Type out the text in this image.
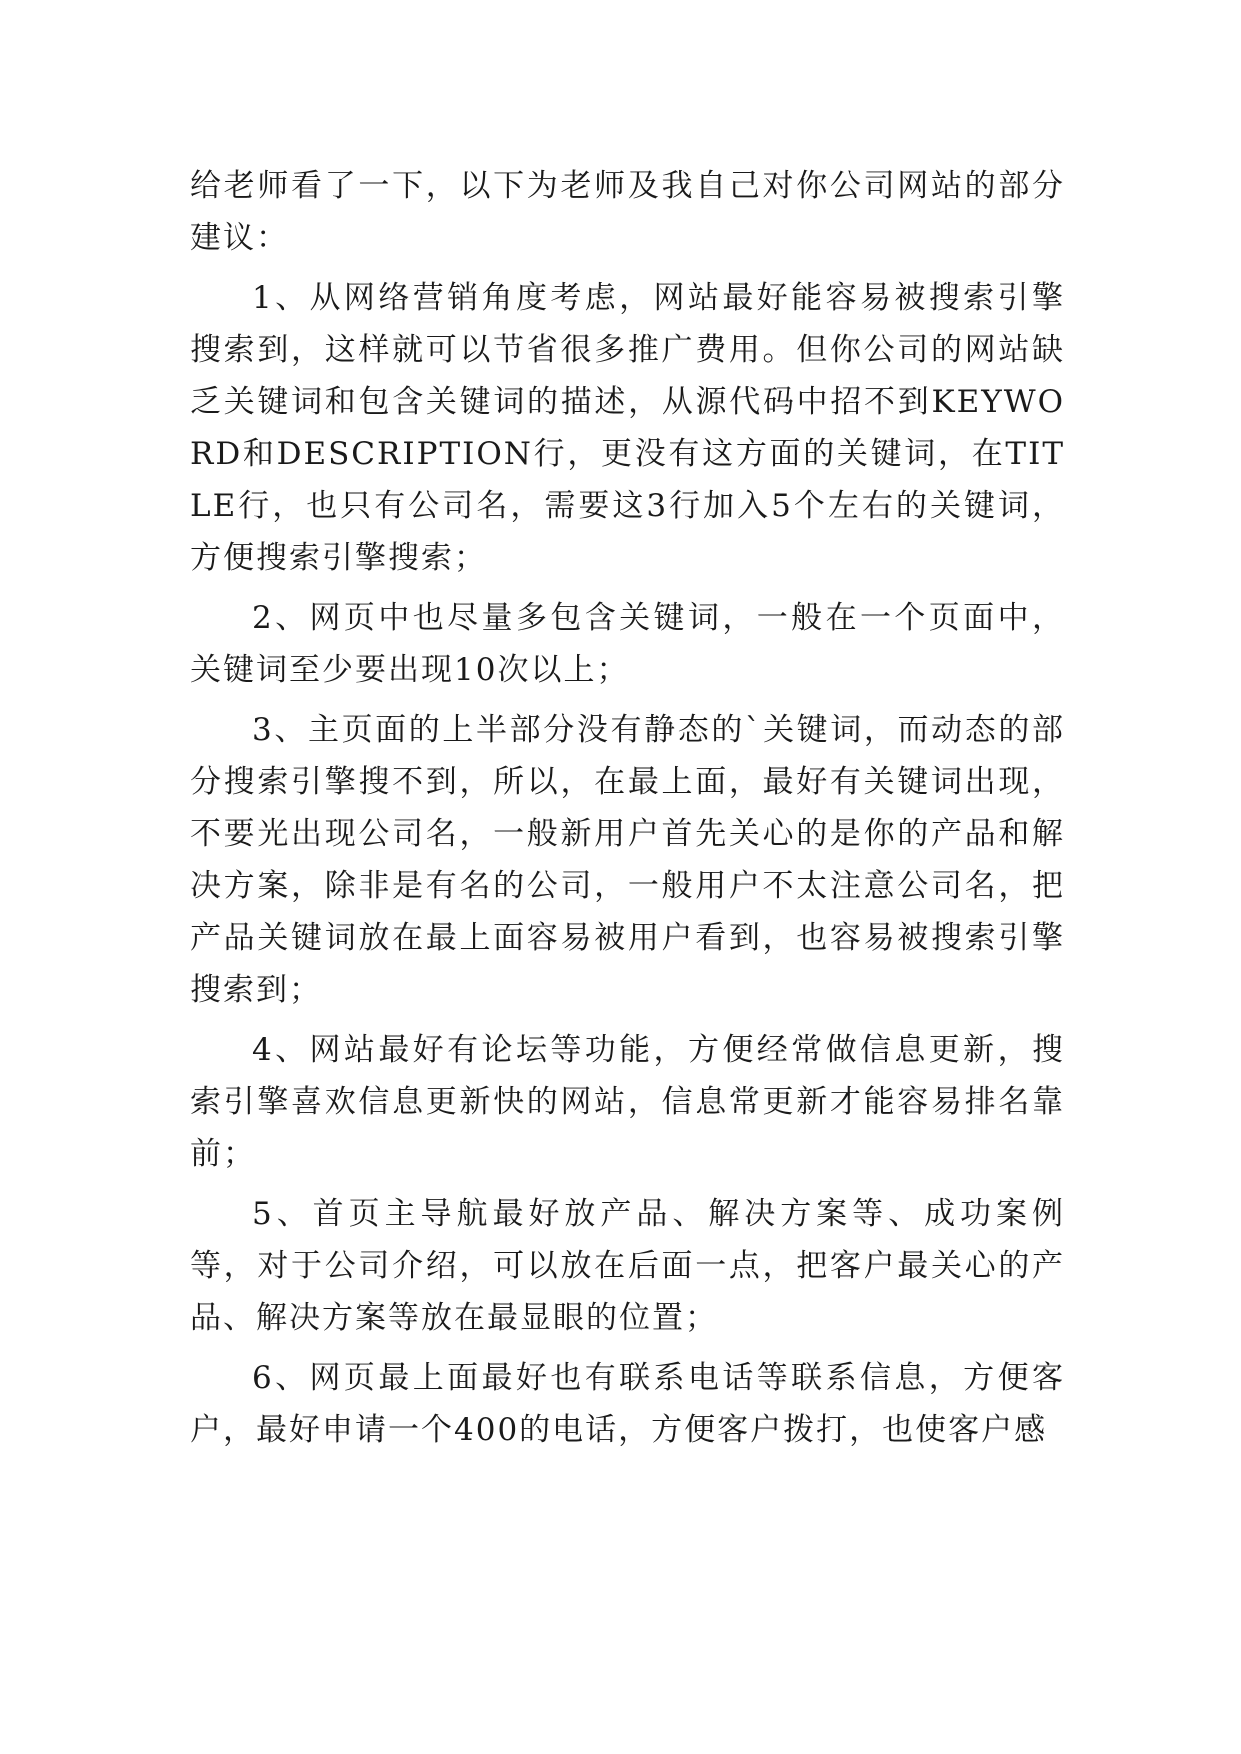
给老师看了一下，以下为老师及我自己对你公司网站的部分建议：

1、从网络营销角度考虑，网站最好能容易被搜索引擎搜索到，这样就可以节省很多推广费用。但你公司的网站缺乏关键词和包含关键词的描述，从源代码中招不到KEYWORD和DESCRIPTION行，更没有这方面的关键词，在TITLE行，也只有公司名，需要这3行加入5个左右的关键词，方便搜索引擎搜索；

2、网页中也尽量多包含关键词，一般在一个页面中，关键词至少要出现10次以上；

3、主页面的上半部分没有静态的`关键词，而动态的部分搜索引擎搜不到，所以，在最上面，最好有关键词出现，不要光出现公司名，一般新用户首先关心的是你的产品和解决方案，除非是有名的公司，一般用户不太注意公司名，把产品关键词放在最上面容易被用户看到，也容易被搜索引擎搜索到；

4、网站最好有论坛等功能，方便经常做信息更新，搜索引擎喜欢信息更新快的网站，信息常更新才能容易排名靠前；

5、首页主导航最好放产品、解决方案等、成功案例等，对于公司介绍，可以放在后面一点，把客户最关心的产品、解决方案等放在最显眼的位置；

6、网页最上面最好也有联系电话等联系信息，方便客户，最好申请一个400的电话，方便客户拨打，也使客户感
